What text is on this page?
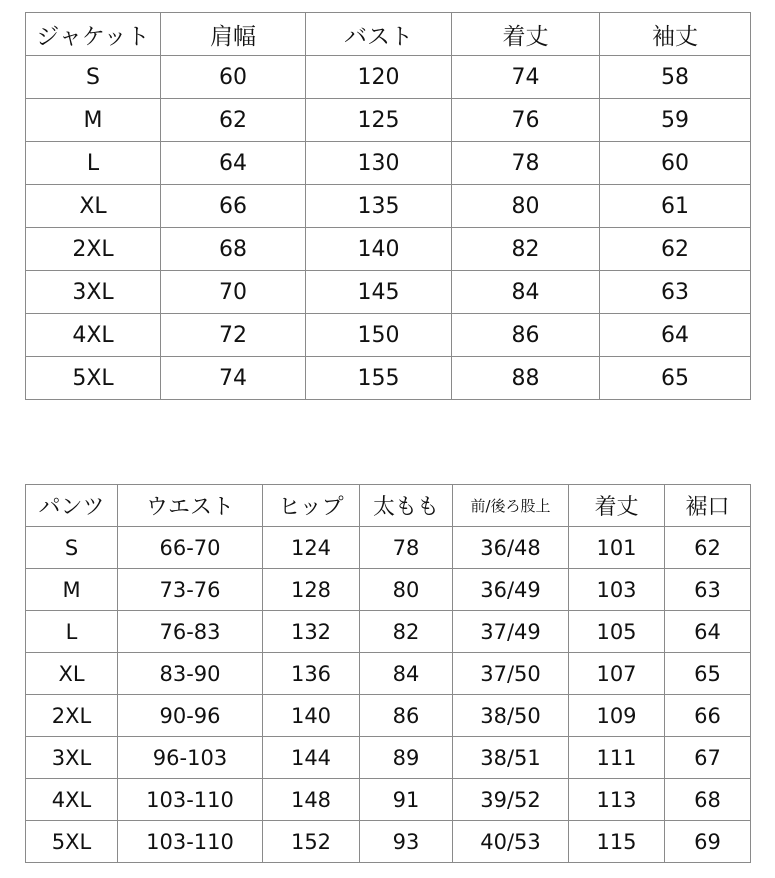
ジャケット	肩幅	バスト	着丈	袖丈
S	60	120	74	58
M	62	125	76	59
L	64	130	78	60
XL	66	135	80	61
2XL	68	140	82	62
3XL	70	145	84	63
4XL	72	150	86	64
5XL	74	155	88	65
パンツ	ウエスト	ヒップ	太もも	前/後ろ股上	着丈	裾口
S	66-70	124	78	36/48	101	62
M	73-76	128	80	36/49	103	63
L	76-83	132	82	37/49	105	64
XL	83-90	136	84	37/50	107	65
2XL	90-96	140	86	38/50	109	66
3XL	96-103	144	89	38/51	111	67
4XL	103-110	148	91	39/52	113	68
5XL	103-110	152	93	40/53	115	69
